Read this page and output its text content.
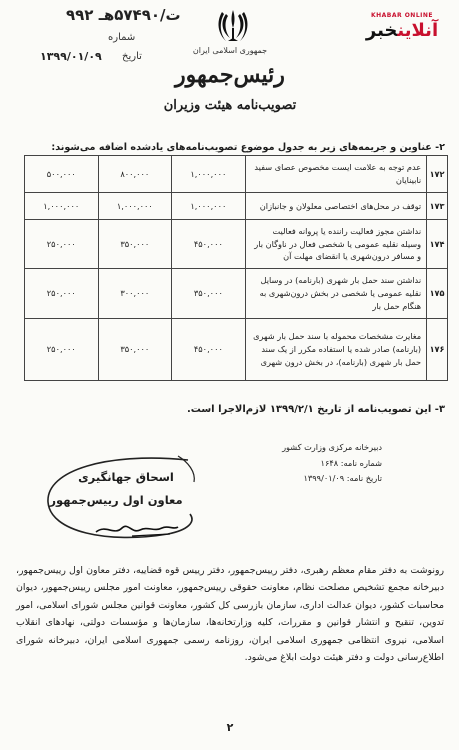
۹۹۲ ت/۵۷۴۹۰هـ
شماره
تاریخ
۱۳۹۹/۰۱/۰۹	جمهوری اسلامی ایران
رئیس‌جمهور
تصویب‌نامه هیئت وزیران
KHABAR ONLINE
آنلاینخبر
۲- عناوین و جریمه‌های زیر به جدول موضوع تصویب‌نامه‌های یادشده اضافه می‌شوند:
۱۷۲	عدم توجه به علامت ایست مخصوص عصای سفید نابینایان	۱,۰۰۰,۰۰۰	۸۰۰,۰۰۰	۵۰۰,۰۰۰
۱۷۳	توقف در محل‌های اختصاصی معلولان و جانبازان	۱,۰۰۰,۰۰۰	۱,۰۰۰,۰۰۰	۱,۰۰۰,۰۰۰
۱۷۴	نداشتن مجوز فعالیت راننده یا پروانه فعالیت وسیله نقلیه عمومی یا شخصی فعال در ناوگان بار و مسافر درون‌شهری یا انقضای مهلت آن	۴۵۰,۰۰۰	۳۵۰,۰۰۰	۲۵۰,۰۰۰
۱۷۵	نداشتن سند حمل بار شهری (بارنامه) در وسایل نقلیه عمومی یا شخصی در بخش درون‌شهری به هنگام حمل بار	۳۵۰,۰۰۰	۳۰۰,۰۰۰	۲۵۰,۰۰۰
۱۷۶	مغایرت مشخصات محموله با سند حمل بار شهری (بارنامه) صادر شده یا استفاده مکرر از یک سند حمل بار شهری (بارنامه)، در بخش درون شهری	۴۵۰,۰۰۰	۳۵۰,۰۰۰	۲۵۰,۰۰۰
۳- این تصویب‌نامه از تاریخ ۱۳۹۹/۲/۱ لازم‌الاجرا است.
دبیرخانه مرکزی وزارت کشور
شماره نامه: ۱۶۴۸
تاریخ نامه: ۱۳۹۹/۰۱/۰۹
اسحاق جهانگیری
معاون اول رییس‌جمهور
رونوشت به دفتر مقام معظم رهبری، دفتر رییس‌جمهور، دفتر رییس قوه قضاییه، دفتر معاون اول رییس‌جمهور، دبیرخانه مجمع تشخیص مصلحت نظام، معاونت حقوقی رییس‌جمهور، معاونت امور مجلس رییس‌جمهور، دیوان محاسبات کشور، دیوان عدالت اداری، سازمان بازرسی کل کشور، معاونت قوانین مجلس شورای اسلامی، امور تدوین، تنقیح و انتشار قوانین و مقررات، کلیه وزارتخانه‌ها، سازمان‌ها و مؤسسات دولتی، نهادهای انقلاب اسلامی، نیروی انتظامی جمهوری اسلامی ایران، روزنامه رسمی جمهوری اسلامی ایران، دبیرخانه شورای اطلاع‌رسانی دولت و دفتر هیئت دولت ابلاغ می‌شود.
۲
